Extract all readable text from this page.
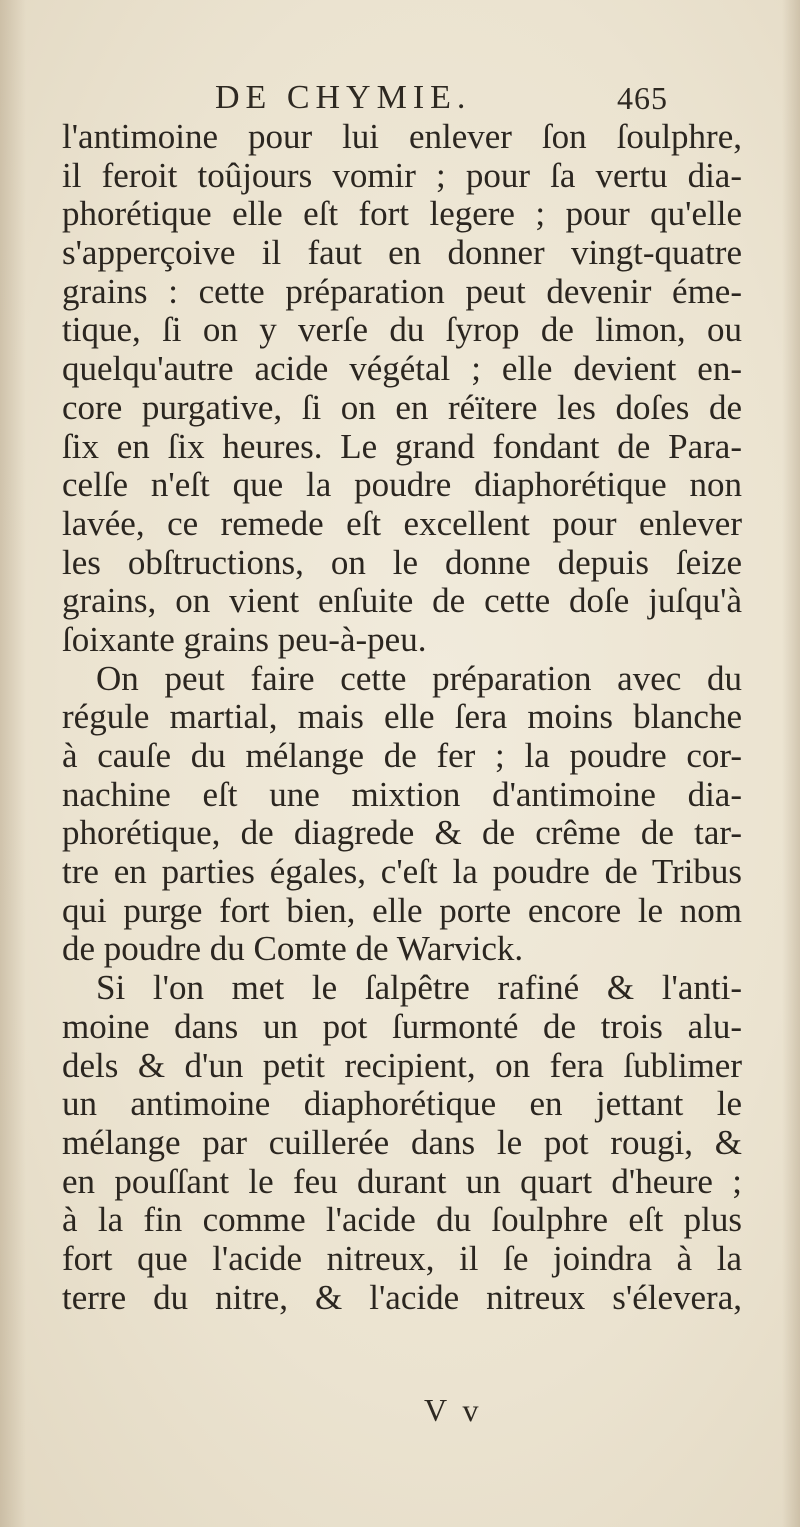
DE CHYMIE.	465
l'antimoine pour lui enlever ſon ſoulphre,
il feroit toûjours vomir ; pour ſa vertu dia-
phorétique elle eſt fort legere ; pour qu'elle
s'apperçoive il faut en donner vingt-quatre
grains : cette préparation peut devenir éme-
tique, ſi on y verſe du ſyrop de limon, ou
quelqu'autre acide végétal ; elle devient en-
core purgative, ſi on en réïtere les doſes de
ſix en ſix heures. Le grand fondant de Para-
celſe n'eſt que la poudre diaphorétique non
lavée, ce remede eſt excellent pour enlever
les obſtructions, on le donne depuis ſeize
grains, on vient enſuite de cette doſe juſqu'à
ſoixante grains peu-à-peu.
On peut faire cette préparation avec du
régule martial, mais elle ſera moins blanche
à cauſe du mélange de fer ; la poudre cor-
nachine eſt une mixtion d'antimoine dia-
phorétique, de diagrede & de crême de tar-
tre en parties égales, c'eſt la poudre de Tribus
qui purge fort bien, elle porte encore le nom
de poudre du Comte de Warvick.
Si l'on met le ſalpêtre rafiné & l'anti-
moine dans un pot ſurmonté de trois alu-
dels & d'un petit recipient, on fera ſublimer
un antimoine diaphorétique en jettant le
mélange par cuillerée dans le pot rougi, &
en pouſſant le feu durant un quart d'heure ;
à la fin comme l'acide du ſoulphre eſt plus
fort que l'acide nitreux, il ſe joindra à la
terre du nitre, & l'acide nitreux s'élevera,
V v
